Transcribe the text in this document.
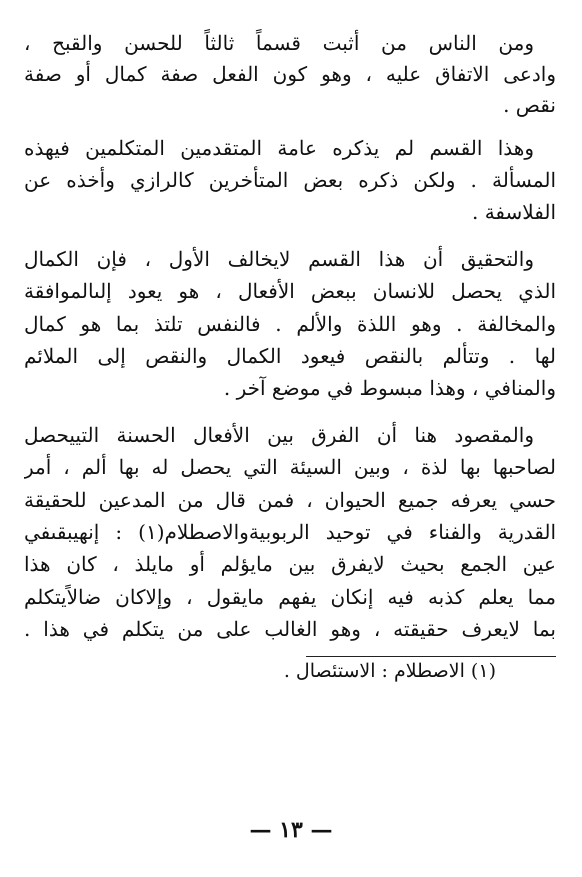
ومن الناس من أثبت قسماً ثالثاً للحسن والقبح ،
وادعى الاتفاق عليه ، وهو كون الفعل صفة كمال أو صفة
نقص .
وهذا القسم لم يذكره عامة المتقدمين المتكلمين فيهذه
المسألة . ولكن ذكره بعض المتأخرين كالرازي وأخذه عن
الفلاسفة .
والتحقيق أن هذا القسم لايخالف الأول ، فإن الكمال
الذي يحصل للانسان ببعض الأفعال ، هو يعود إلىالموافقة
والمخالفة . وهو اللذة والألم . فالنفس تلتذ بما هو كمال
لها . وتتألم بالنقص فيعود الكمال والنقص إلى الملائم
والمنافي ، وهذا مبسوط في موضع آخر .
والمقصود هنا أن الفرق بين الأفعال الحسنة التييحصل
لصاحبها بها لذة ، وبين السيئة التي يحصل له بها ألم ، أمر
حسي يعرفه جميع الحيوان ، فمن قال من المدعين للحقيقة
القدرية والفناء في توحيد الربوبيةوالاصطلام(١) : إنهيبقىفي
عين الجمع بحيث لايفرق بين مايؤلم أو مايلذ ، كان هذا
مما يعلم كذبه فيه إنكان يفهم مايقول ، وإلاكان ضالاًيتكلم
بما لايعرف حقيقته ، وهو الغالب على من يتكلم في هذا .
(١) الاصطلام : الاستئصال .
— ١٣ —
